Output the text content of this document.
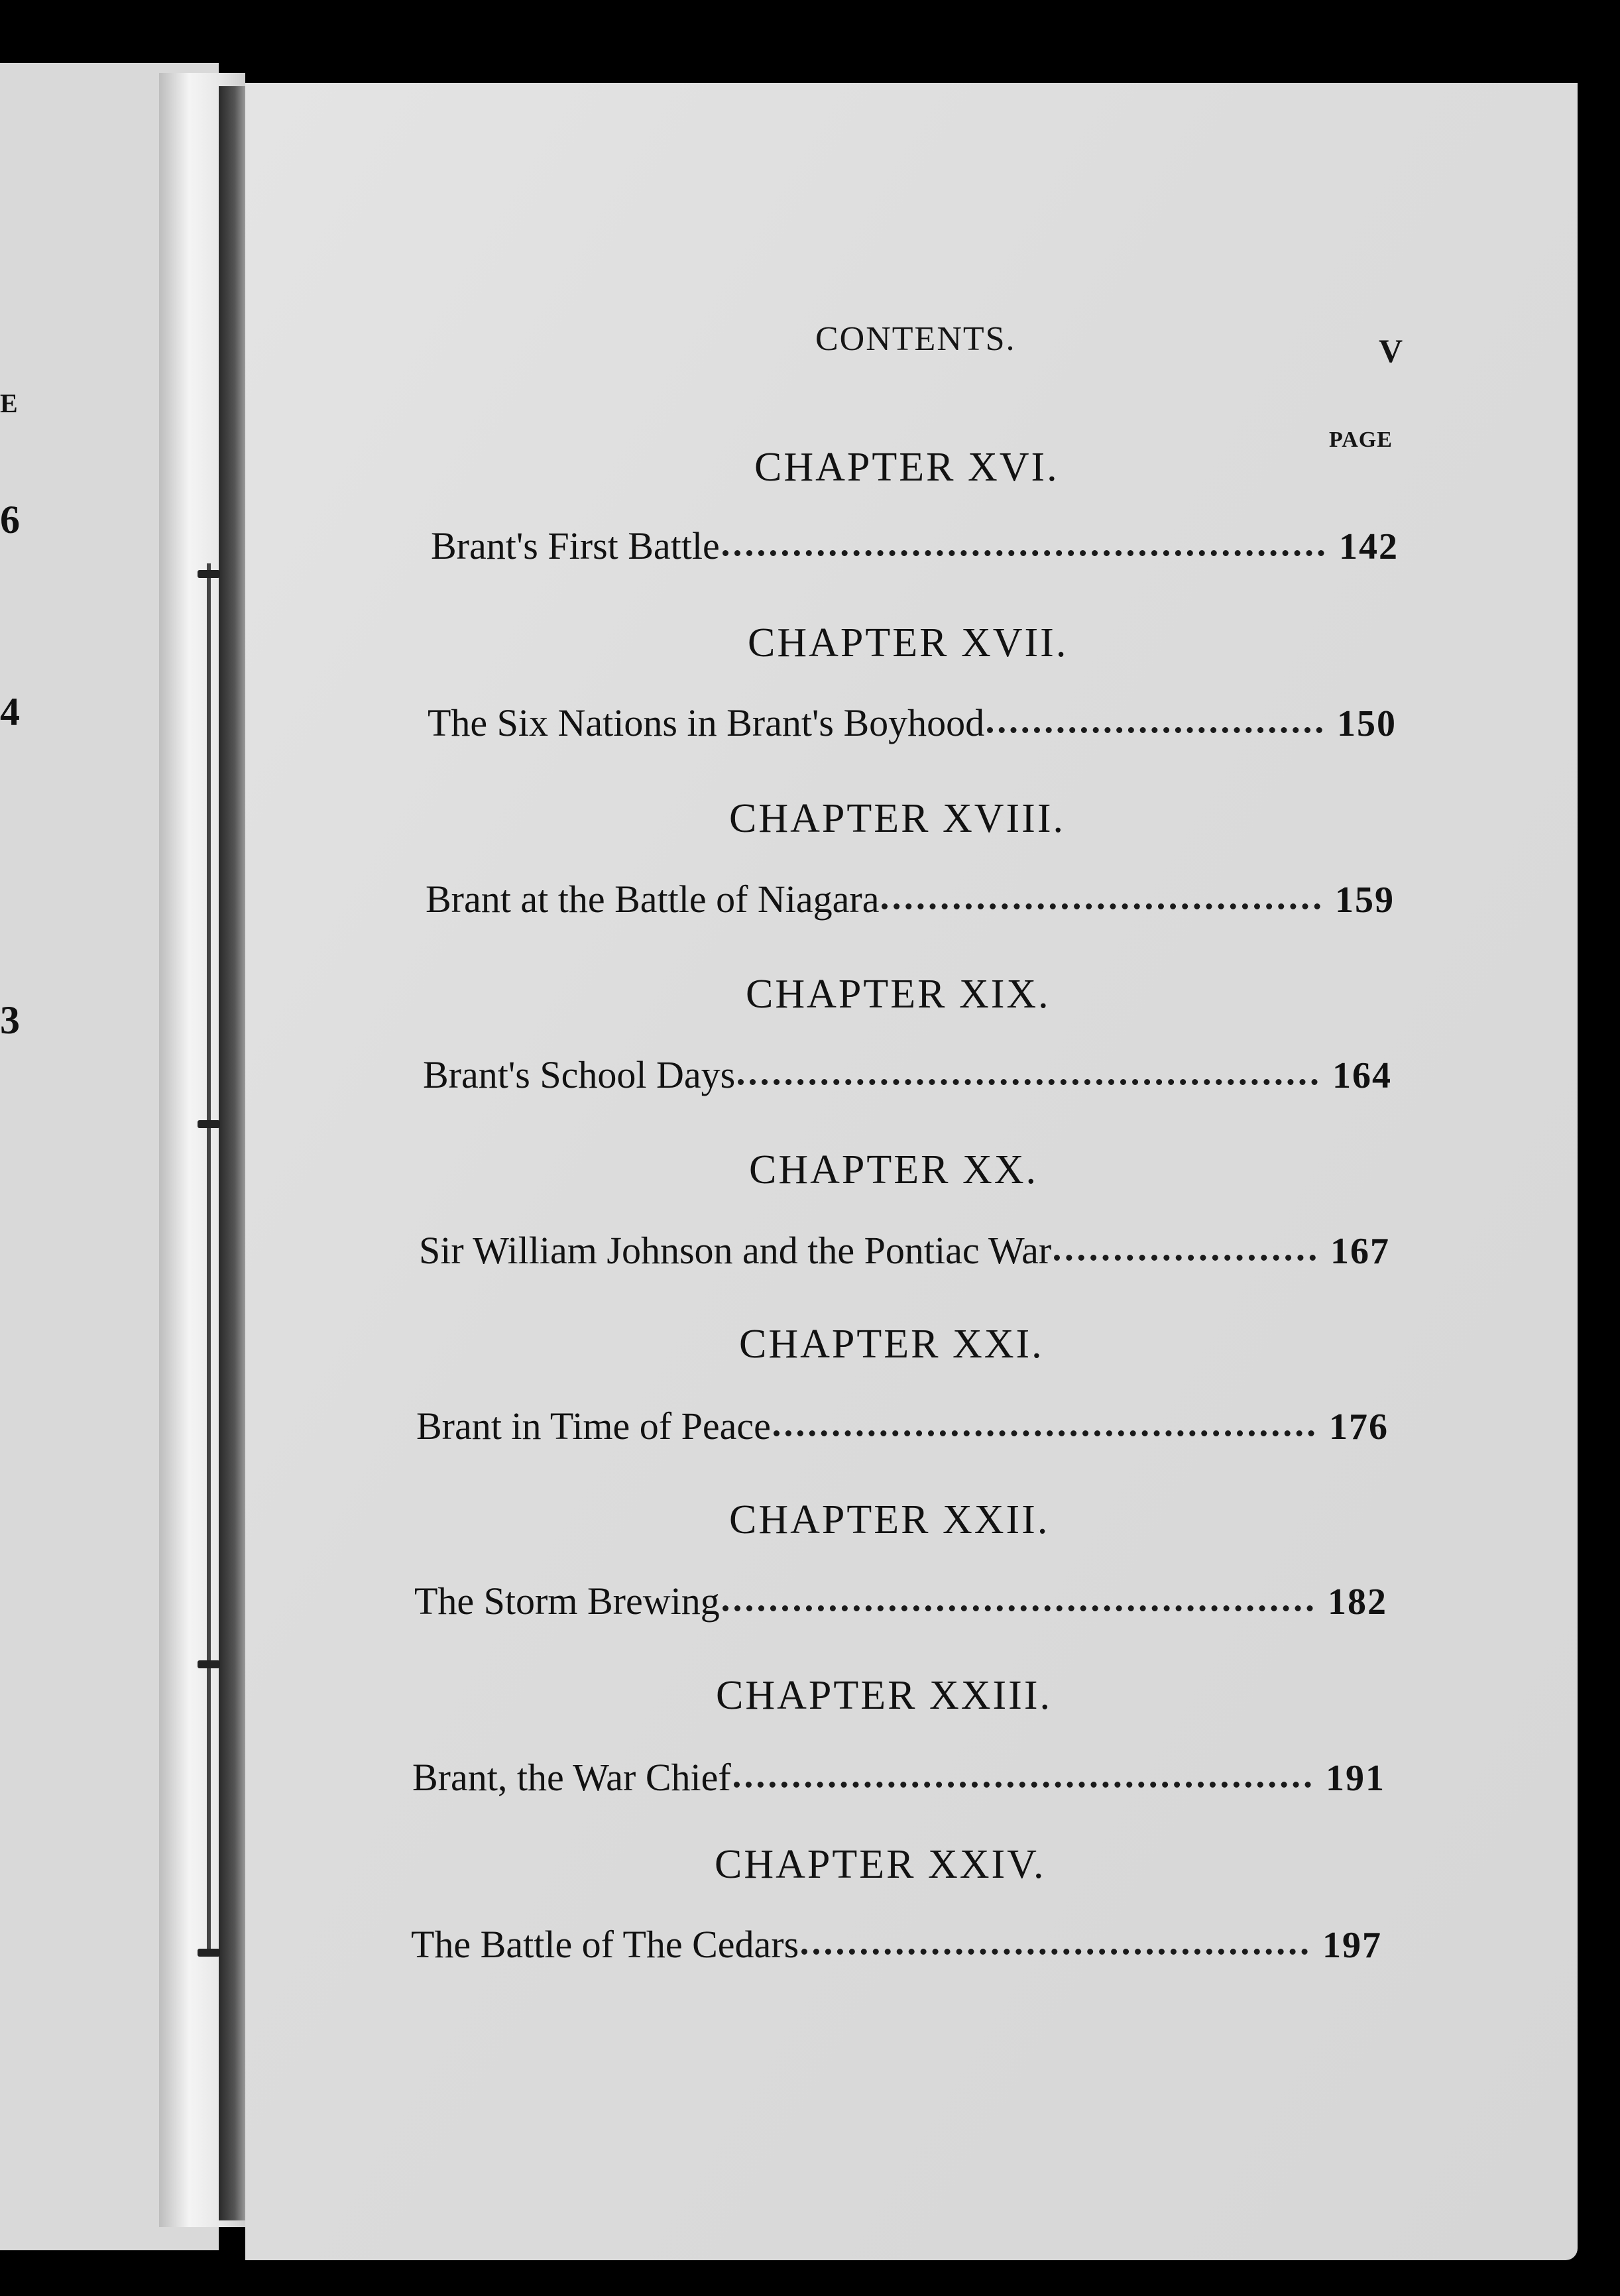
E
6
4
3
CONTENTS.	V
PAGE
CHAPTER XVI.
Brant's First Battle	142
CHAPTER XVII.
The Six Nations in Brant's Boyhood	150
CHAPTER XVIII.
Brant at the Battle of Niagara	159
CHAPTER XIX.
Brant's School Days	164
CHAPTER XX.
Sir William Johnson and the Pontiac War	167
CHAPTER XXI.
Brant in Time of Peace	176
CHAPTER XXII.
The Storm Brewing	182
CHAPTER XXIII.
Brant, the War Chief	191
CHAPTER XXIV.
The Battle of The Cedars	197
